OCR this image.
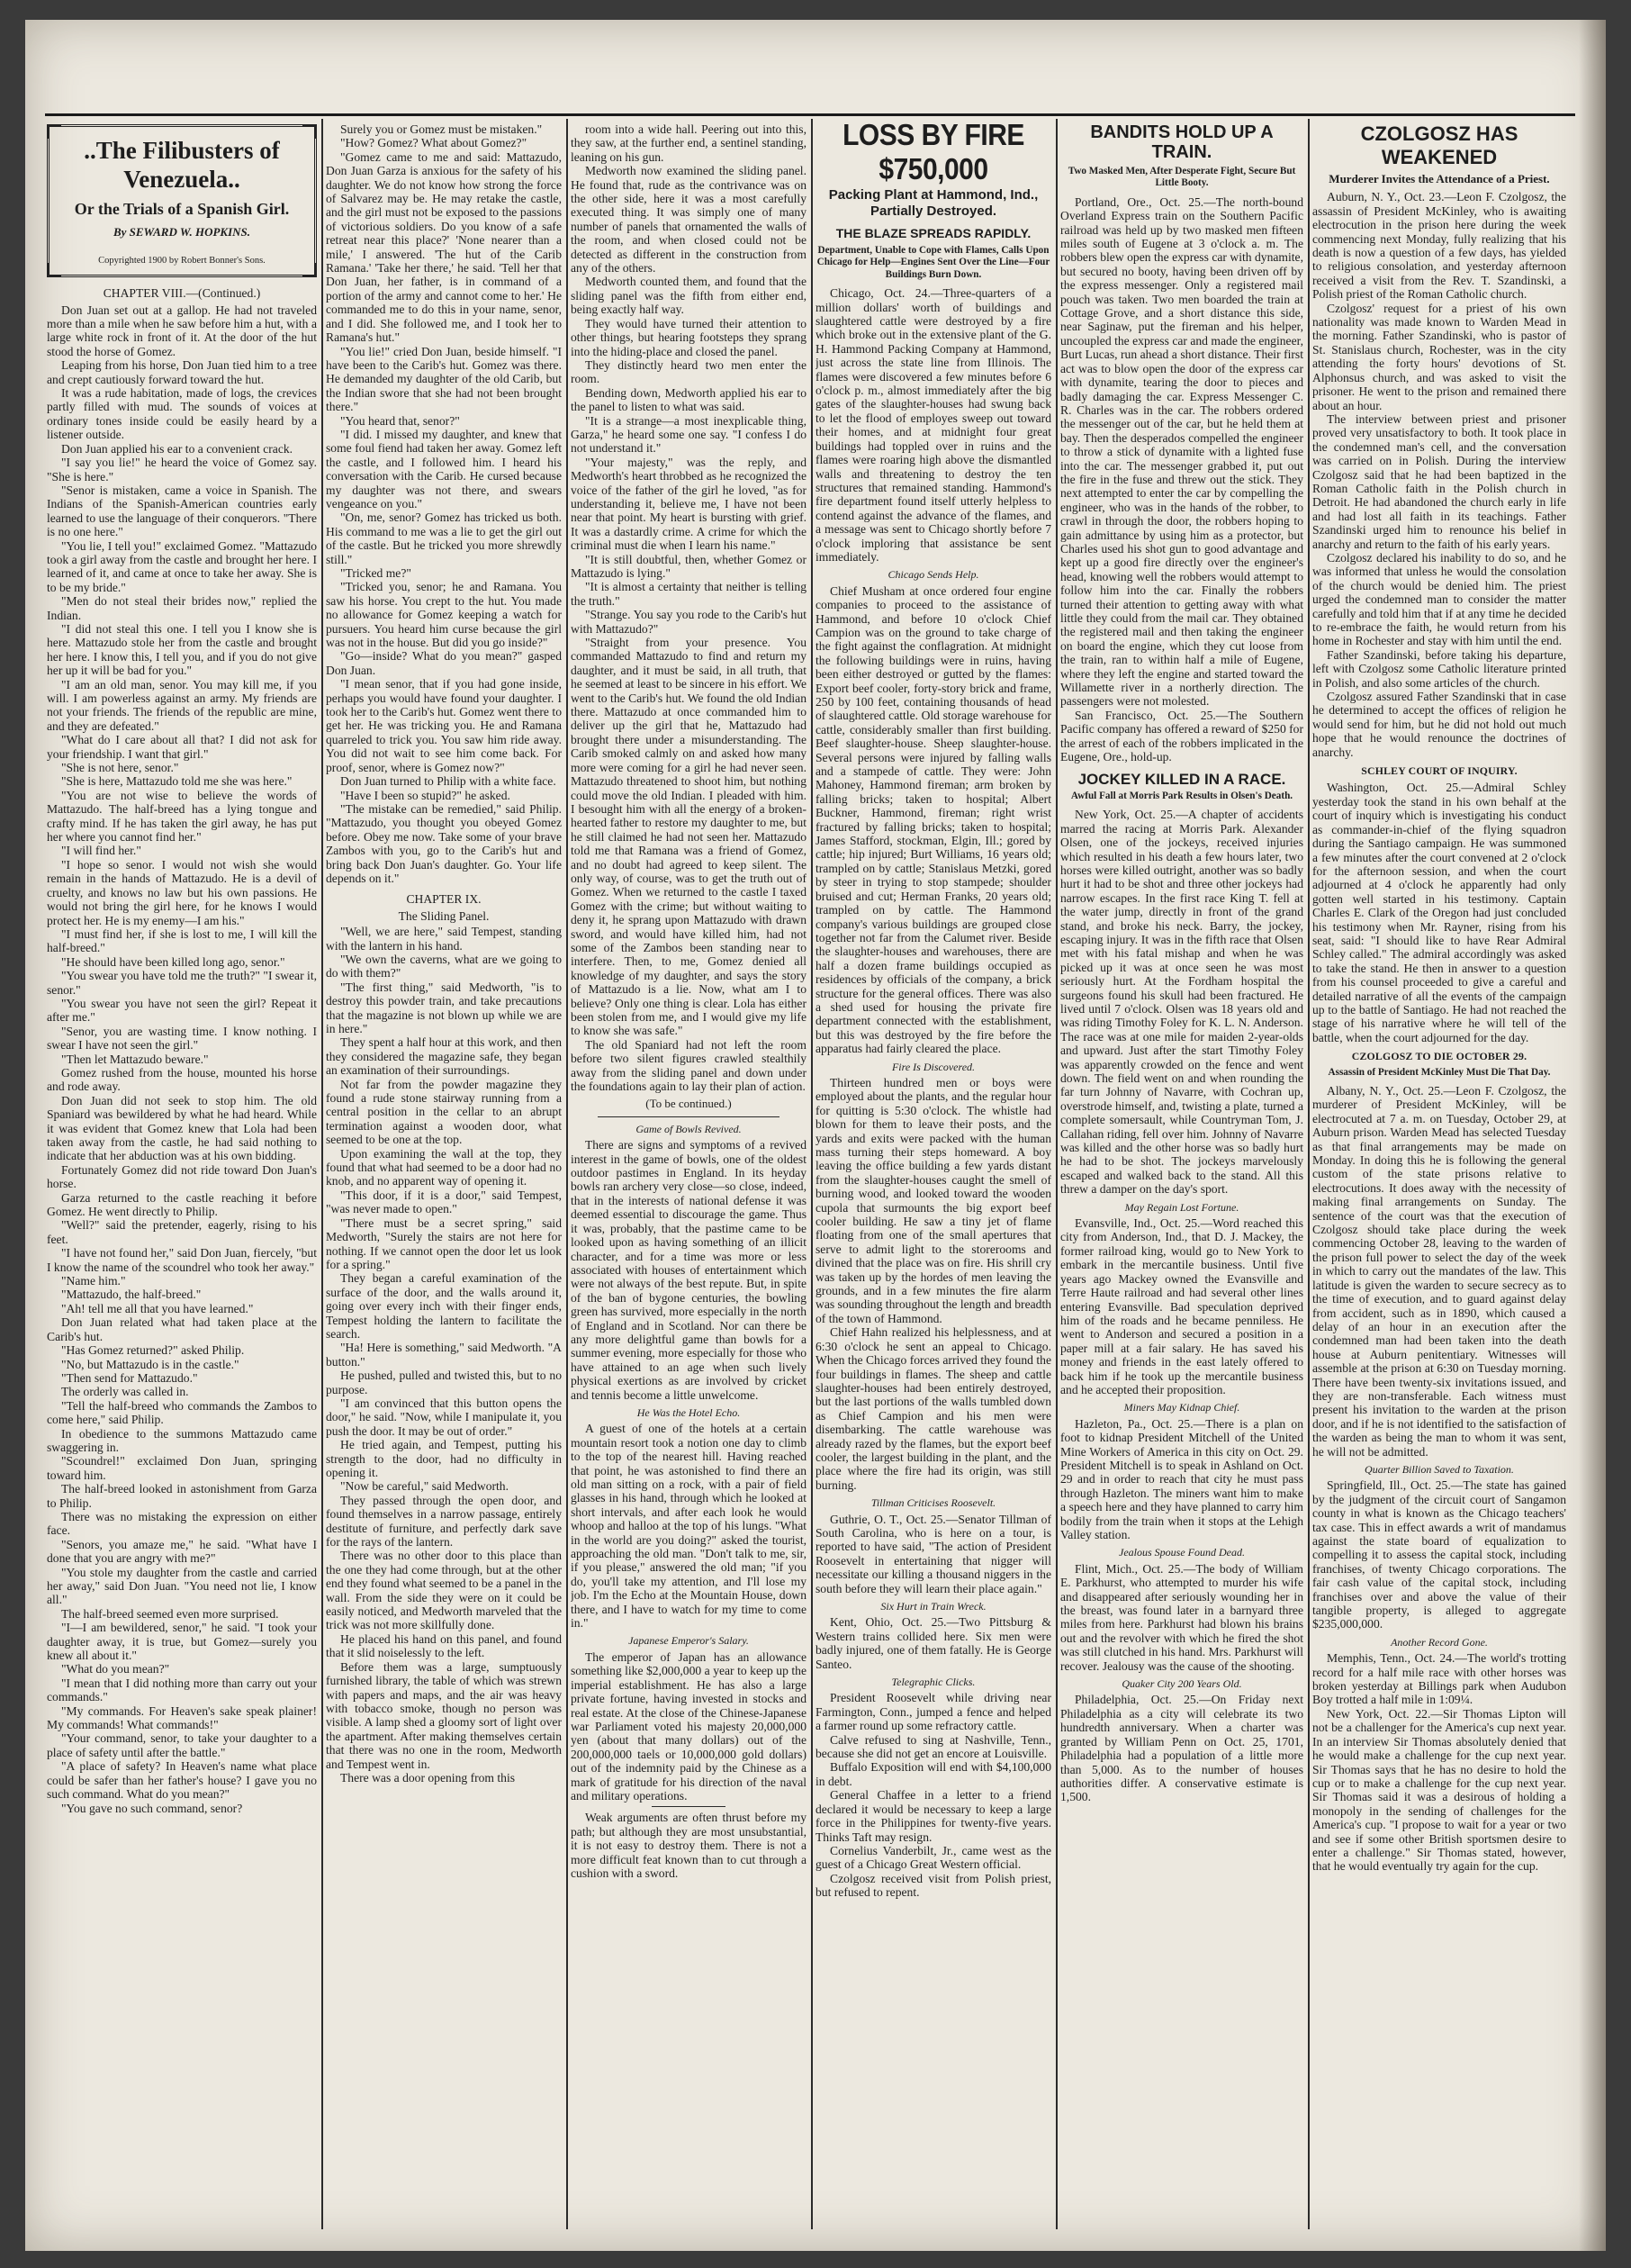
..The Filibusters of Venezuela..
Or the Trials of a Spanish Girl.
By SEWARD W. HOPKINS.
Copyrighted 1900 by Robert Bonner's Sons.
CHAPTER VIII.—(Continued.)

Don Juan set out at a gallop. He had not traveled more than a mile when he saw before him a hut, with a large white rock in front of it. At the door of the hut stood the horse of Gomez.

Leaping from his horse, Don Juan tied him to a tree and crept cautiously forward toward the hut.

It was a rude habitation, made of logs, the crevices partly filled with mud. The sounds of voices at ordinary tones inside could be easily heard by a listener outside.

Don Juan applied his ear to a convenient crack.

"I say you lie!" he heard the voice of Gomez say. "She is here."

"Senor is mistaken, came a voice in Spanish. The Indians of the Spanish-American countries early learned to use the language of their conquerors. "There is no one here."

"You lie, I tell you!" exclaimed Gomez. "Mattazudo took a girl away from the castle and brought her here. I learned of it, and came at once to take her away. She is to be my bride."

"Men do not steal their brides now," replied the Indian.

"I did not steal this one. I tell you I know she is here. Mattazudo stole her from the castle and brought her here. I know this, I tell you, and if you do not give her up it will be bad for you."

"I am an old man, senor. You may kill me, if you will. I am powerless against an army. My friends are not your friends. The friends of the republic are mine, and they are defeated."

"What do I care about all that? I did not ask for your friendship. I want that girl."

"She is not here, senor."

"She is here, Mattazudo told me she was here."

"You are not wise to believe the words of Mattazudo. The half-breed has a lying tongue and crafty mind. If he has taken the girl away, he has put her where you cannot find her."

"I will find her."

"I hope so senor. I would not wish she would remain in the hands of Mattazudo. He is a devil of cruelty, and knows no law but his own passions. He would not bring the girl here, for he knows I would protect her. He is my enemy—I am his."

"I must find her, if she is lost to me, I will kill the half-breed."

"He should have been killed long ago, senor."

"You swear you have told me the truth?" "I swear it, senor."

"You swear you have not seen the girl? Repeat it after me."

"Senor, you are wasting time. I know nothing. I swear I have not seen the girl."

"Then let Mattazudo beware."

Gomez rushed from the house, mounted his horse and rode away.

Don Juan did not seek to stop him. The old Spaniard was bewildered by what he had heard. While it was evident that Gomez knew that Lola had been taken away from the castle, he had said nothing to indicate that her abduction was at his own bidding.

Fortunately Gomez did not ride toward Don Juan's horse.

Garza returned to the castle reaching it before Gomez. He went directly to Philip.

"Well?" said the pretender, eagerly, rising to his feet.

"I have not found her," said Don Juan, fiercely, "but I know the name of the scoundrel who took her away."

"Name him."

"Mattazudo, the half-breed."

"Ah! tell me all that you have learned."

Don Juan related what had taken place at the Carib's hut.

"Has Gomez returned?" asked Philip.

"No, but Mattazudo is in the castle."

"Then send for Mattazudo."

The orderly was called in.

"Tell the half-breed who commands the Zambos to come here," said Philip.

In obedience to the summons Mattazudo came swaggering in.

"Scoundrel!" exclaimed Don Juan, springing toward him.

The half-breed looked in astonishment from Garza to Philip.

There was no mistaking the expression on either face.

"Senors, you amaze me," he said. "What have I done that you are angry with me?"

"You stole my daughter from the castle and carried her away," said Don Juan. "You need not lie, I know all."

The half-breed seemed even more surprised.

"I—I am bewildered, senor," he said. "I took your daughter away, it is true, but Gomez—surely you knew all about it."

"What do you mean?"

"I mean that I did nothing more than carry out your commands."

"My commands. For Heaven's sake speak plainer! My commands! What commands!"

"Your command, senor, to take your daughter to a place of safety until after the battle."

"A place of safety? In Heaven's name what place could be safer than her father's house? I gave you no such command. What do you mean?"

"You gave no such command, senor?

Surely you or Gomez must be mistaken."

"How? Gomez? What about Gomez?"

"Gomez came to me and said: Mattazudo, Don Juan Garza is anxious for the safety of his daughter. We do not know how strong the force of Salvarez may be. He may retake the castle, and the girl must not be exposed to the passions of victorious soldiers. Do you know of a safe retreat near this place?' 'None nearer than a mile,' I answered. 'The hut of the Carib Ramana.' 'Take her there,' he said. 'Tell her that Don Juan, her father, is in command of a portion of the army and cannot come to her.' He commanded me to do this in your name, senor, and I did. She followed me, and I took her to Ramana's hut."

"You lie!" cried Don Juan, beside himself. "I have been to the Carib's hut. Gomez was there. He demanded my daughter of the old Carib, but the Indian swore that she had not been brought there."

"You heard that, senor?"

"I did. I missed my daughter, and knew that some foul fiend had taken her away. Gomez left the castle, and I followed him. I heard his conversation with the Carib. He cursed because my daughter was not there, and swears vengeance on you."

"On, me, senor? Gomez has tricked us both. His command to me was a lie to get the girl out of the castle. But he tricked you more shrewdly still."

"Tricked me?"

"Tricked you, senor; he and Ramana. You saw his horse. You crept to the hut. You made no allowance for Gomez keeping a watch for pursuers. You heard him curse because the girl was not in the house. But did you go inside?"

"Go—inside? What do you mean?" gasped Don Juan.

"I mean senor, that if you had gone inside, perhaps you would have found your daughter. I took her to the Carib's hut. Gomez went there to get her. He was tricking you. He and Ramana quarreled to trick you. You saw him ride away. You did not wait to see him come back. For proof, senor, where is Gomez now?"

Don Juan turned to Philip with a white face.

"Have I been so stupid?" he asked.

"The mistake can be remedied," said Philip. "Mattazudo, you thought you obeyed Gomez before. Obey me now. Take some of your brave Zambos with you, go to the Carib's hut and bring back Don Juan's daughter. Go. Your life depends on it."

CHAPTER IX.
The Sliding Panel.

"Well, we are here," said Tempest, standing with the lantern in his hand.

"We own the caverns, what are we going to do with them?"

"The first thing," said Medworth, "is to destroy this powder train, and take precautions that the magazine is not blown up while we are in here."

They spent a half hour at this work, and then they considered the magazine safe, they began an examination of their surroundings.

Not far from the powder magazine they found a rude stone stairway running from a central position in the cellar to an abrupt termination against a wooden door, what seemed to be one at the top.

Upon examining the wall at the top, they found that what had seemed to be a door had no knob, and no apparent way of opening it.

"This door, if it is a door," said Tempest, "was never made to open."

"There must be a secret spring," said Medworth, "Surely the stairs are not here for nothing. If we cannot open the door let us look for a spring."

They began a careful examination of the surface of the door, and the walls around it, going over every inch with their finger ends, Tempest holding the lantern to facilitate the search.

"Ha! Here is something," said Medworth. "A button."

He pushed, pulled and twisted this, but to no purpose.

"I am convinced that this button opens the door," he said. "Now, while I manipulate it, you push the door. It may be out of order."

He tried again, and Tempest, putting his strength to the door, had no difficulty in opening it.

"Now be careful," said Medworth.

They passed through the open door, and found themselves in a narrow passage, entirely destitute of furniture, and perfectly dark save for the rays of the lantern.

There was no other door to this place than the one they had come through, but at the other end they found what seemed to be a panel in the wall. From the side they were on it could be easily noticed, and Medworth marveled that the trick was not more skillfully done.

He placed his hand on this panel, and found that it slid noiselessly to the left.

Before them was a large, sumptuously furnished library, the table of which was strewn with papers and maps, and the air was heavy with tobacco smoke, though no person was visible. A lamp shed a gloomy sort of light over the apartment. After making themselves certain that there was no one in the room, Medworth and Tempest went in.

There was a door opening from this

room into a wide hall. Peering out into this, they saw, at the further end, a sentinel standing, leaning on his gun.

Medworth now examined the sliding panel. He found that, rude as the contrivance was on the other side, here it was a most carefully executed thing. It was simply one of many number of panels that ornamented the walls of the room, and when closed could not be detected as different in the construction from any of the others.

Medworth counted them, and found that the sliding panel was the fifth from either end, being exactly half way.

They would have turned their attention to other things, but hearing footsteps they sprang into the hiding-place and closed the panel.

They distinctly heard two men enter the room.

Bending down, Medworth applied his ear to the panel to listen to what was said.

"It is a strange—a most inexplicable thing, Garza," he heard some one say. "I confess I do not understand it."

"Your majesty," was the reply, and Medworth's heart throbbed as he recognized the voice of the father of the girl he loved, "as for understanding it, believe me, I have not been near that point. My heart is bursting with grief. It was a dastardly crime. A crime for which the criminal must die when I learn his name."

"It is still doubtful, then, whether Gomez or Mattazudo is lying."

"It is almost a certainty that neither is telling the truth."

"Strange. You say you rode to the Carib's hut with Mattazudo?"

"Straight from your presence. You commanded Mattazudo to find and return my daughter, and it must be said, in all truth, that he seemed at least to be sincere in his effort. We went to the Carib's hut. We found the old Indian there. Mattazudo at once commanded him to deliver up the girl that he, Mattazudo had brought there under a misunderstanding. The Carib smoked calmly on and asked how many more were coming for a girl he had never seen. Mattazudo threatened to shoot him, but nothing could move the old Indian. I pleaded with him. I besought him with all the energy of a broken-hearted father to restore my daughter to me, but he still claimed he had not seen her. Mattazudo told me that Ramana was a friend of Gomez, and no doubt had agreed to keep silent. The only way, of course, was to get the truth out of Gomez. When we returned to the castle I taxed Gomez with the crime; but without waiting to deny it, he sprang upon Mattazudo with drawn sword, and would have killed him, had not some of the Zambos been standing near to interfere. Then, to me, Gomez denied all knowledge of my daughter, and says the story of Mattazudo is a lie. Now, what am I to believe? Only one thing is clear. Lola has either been stolen from me, and I would give my life to know she was safe."

The old Spaniard had not left the room before two silent figures crawled stealthily away from the sliding panel and down under the foundations again to lay their plan of action.

(To be continued.)
Game of Bowls Revived.

There are signs and symptoms of a revived interest in the game of bowls, one of the oldest outdoor pastimes in England. In its heyday bowls ran archery very close—so close, indeed, that in the interests of national defense it was deemed essential to discourage the game. Thus it was, probably, that the pastime came to be looked upon as having something of an illicit character, and for a time was more or less associated with houses of entertainment which were not always of the best repute. But, in spite of the ban of bygone centuries, the bowling green has survived, more especially in the north of England and in Scotland. Nor can there be any more delightful game than bowls for a summer evening, more especially for those who have attained to an age when such lively physical exertions as are involved by cricket and tennis become a little unwelcome.

He Was the Hotel Echo.

A guest of one of the hotels at a certain mountain resort took a notion one day to climb to the top of the nearest hill. Having reached that point, he was astonished to find there an old man sitting on a rock, with a pair of field glasses in his hand, through which he looked at short intervals, and after each look he would whoop and halloo at the top of his lungs. "What in the world are you doing?" asked the tourist, approaching the old man. "Don't talk to me, sir, if you please," answered the old man; "if you do, you'll take my attention, and I'll lose my job. I'm the Echo at the Mountain House, down there, and I have to watch for my time to come in."

Japanese Emperor's Salary.

The emperor of Japan has an allowance something like $2,000,000 a year to keep up the imperial establishment. He has also a large private fortune, having invested in stocks and real estate. At the close of the Chinese-Japanese war Parliament voted his majesty 20,000,000 yen (about that many dollars) out of the 200,000,000 taels or 10,000,000 gold dollars) out of the indemnity paid by the Chinese as a mark of gratitude for his direction of the naval and military operations.

Weak arguments are often thrust before my path; but although they are most unsubstantial, it is not easy to destroy them. There is not a more difficult feat known than to cut through a cushion with a sword.

LOSS BY FIRE $750,000
Packing Plant at Hammond, Ind., Partially Destroyed.
THE BLAZE SPREADS RAPIDLY.
Department, Unable to Cope with Flames, Calls Upon Chicago for Help—Engines Sent Over the Line—Four Buildings Burn Down.

Chicago, Oct. 24.—Three-quarters of a million dollars' worth of buildings and slaughtered cattle were destroyed by a fire which broke out in the extensive plant of the G. H. Hammond Packing Company at Hammond, just across the state line from Illinois. The flames were discovered a few minutes before 6 o'clock p. m., almost immediately after the big gates of the slaughter-houses had swung back to let the flood of employes sweep out toward their homes, and at midnight four great buildings had toppled over in ruins and the flames were roaring high above the dismantled walls and threatening to destroy the ten structures that remained standing. Hammond's fire department found itself utterly helpless to contend against the advance of the flames, and a message was sent to Chicago shortly before 7 o'clock imploring that assistance be sent immediately.

Chicago Sends Help.

Chief Musham at once ordered four engine companies to proceed to the assistance of Hammond, and before 10 o'clock Chief Campion was on the ground to take charge of the fight against the conflagration. At midnight the following buildings were in ruins, having been either destroyed or gutted by the flames: Export beef cooler, forty-story brick and frame, 250 by 100 feet, containing thousands of head of slaughtered cattle. Old storage warehouse for cattle, considerably smaller than first building. Beef slaughter-house. Sheep slaughter-house. Several persons were injured by falling walls and a stampede of cattle. They were: John Mahoney, Hammond fireman; arm broken by falling bricks; taken to hospital; Albert Buckner, Hammond, fireman; right wrist fractured by falling bricks; taken to hospital; James Stafford, stockman, Elgin, Ill.; gored by cattle; hip injured; Burt Williams, 16 years old; trampled on by cattle; Stanislaus Metzki, gored by steer in trying to stop stampede; shoulder bruised and cut; Herman Franks, 20 years old; trampled on by cattle. The Hammond company's various buildings are grouped close together not far from the Calumet river. Beside the slaughter-houses and warehouses, there are half a dozen frame buildings occupied as residences by officials of the company, a brick structure for the general offices. There was also a shed used for housing the private fire department connected with the establishment, but this was destroyed by the fire before the apparatus had fairly cleared the place.

Fire Is Discovered.

Thirteen hundred men or boys were employed about the plants, and the regular hour for quitting is 5:30 o'clock. The whistle had blown for them to leave their posts, and the yards and exits were packed with the human mass turning their steps homeward. A boy leaving the office building a few yards distant from the slaughter-houses caught the smell of burning wood, and looked toward the wooden cupola that surmounts the big export beef cooler building. He saw a tiny jet of flame floating from one of the small apertures that serve to admit light to the storerooms and divined that the place was on fire. His shrill cry was taken up by the hordes of men leaving the grounds, and in a few minutes the fire alarm was sounding throughout the length and breadth of the town of Hammond.

Chief Hahn realized his helplessness, and at 6:30 o'clock he sent an appeal to Chicago. When the Chicago forces arrived they found the four buildings in flames. The sheep and cattle slaughter-houses had been entirely destroyed, but the last portions of the walls tumbled down as Chief Campion and his men were disembarking. The cattle warehouse was already razed by the flames, but the export beef cooler, the largest building in the plant, and the place where the fire had its origin, was still burning.

Tillman Criticises Roosevelt.

Guthrie, O. T., Oct. 25.—Senator Tillman of South Carolina, who is here on a tour, is reported to have said, "The action of President Roosevelt in entertaining that nigger will necessitate our killing a thousand niggers in the south before they will learn their place again."

Six Hurt in Train Wreck.

Kent, Ohio, Oct. 25.—Two Pittsburg & Western trains collided here. Six men were badly injured, one of them fatally. He is George Santeo.

Telegraphic Clicks.

President Roosevelt while driving near Farmington, Conn., jumped a fence and helped a farmer round up some refractory cattle.

Calve refused to sing at Nashville, Tenn., because she did not get an encore at Louisville.

Buffalo Exposition will end with $4,100,000 in debt.

General Chaffee in a letter to a friend declared it would be necessary to keep a large force in the Philippines for twenty-five years. Thinks Taft may resign.

Cornelius Vanderbilt, Jr., came west as the guest of a Chicago Great Western official.

Czolgosz received visit from Polish priest, but refused to repent.

BANDITS HOLD UP A TRAIN.
Two Masked Men, After Desperate Fight, Secure But Little Booty.

Portland, Ore., Oct. 25.—The north-bound Overland Express train on the Southern Pacific railroad was held up by two masked men fifteen miles south of Eugene at 3 o'clock a. m. The robbers blew open the express car with dynamite, but secured no booty, having been driven off by the express messenger. Only a registered mail pouch was taken. Two men boarded the train at Cottage Grove, and a short distance this side, near Saginaw, put the fireman and his helper, uncoupled the express car and made the engineer, Burt Lucas, run ahead a short distance. Their first act was to blow open the door of the express car with dynamite, tearing the door to pieces and badly damaging the car. Express Messenger C. R. Charles was in the car. The robbers ordered the messenger out of the car, but he held them at bay. Then the desperados compelled the engineer to throw a stick of dynamite with a lighted fuse into the car. The messenger grabbed it, put out the fire in the fuse and threw out the stick. They next attempted to enter the car by compelling the engineer, who was in the hands of the robber, to crawl in through the door, the robbers hoping to gain admittance by using him as a protector, but Charles used his shot gun to good advantage and kept up a good fire directly over the engineer's head, knowing well the robbers would attempt to follow him into the car. Finally the robbers turned their attention to getting away with what little they could from the mail car. They obtained the registered mail and then taking the engineer on board the engine, which they cut loose from the train, ran to within half a mile of Eugene, where they left the engine and started toward the Willamette river in a northerly direction. The passengers were not molested.

San Francisco, Oct. 25.—The Southern Pacific company has offered a reward of $250 for the arrest of each of the robbers implicated in the Eugene, Ore., hold-up.

JOCKEY KILLED IN A RACE.
Awful Fall at Morris Park Results in Olsen's Death.

New York, Oct. 25.—A chapter of accidents marred the racing at Morris Park. Alexander Olsen, one of the jockeys, received injuries which resulted in his death a few hours later, two horses were killed outright, another was so badly hurt it had to be shot and three other jockeys had narrow escapes. In the first race King T. fell at the water jump, directly in front of the grand stand, and broke his neck. Barry, the jockey, escaping injury. It was in the fifth race that Olsen met with his fatal mishap and when he was picked up it was at once seen he was most seriously hurt. At the Fordham hospital the surgeons found his skull had been fractured. He lived until 7 o'clock. Olsen was 18 years old and was riding Timothy Foley for K. L. N. Anderson. The race was at one mile for maiden 2-year-olds and upward. Just after the start Timothy Foley was apparently crowded on the fence and went down. The field went on and when rounding the far turn Johnny of Navarre, with Cochran up, overstrode himself, and, twisting a plate, turned a complete somersault, while Countryman Tom, J. Callahan riding, fell over him. Johnny of Navarre was killed and the other horse was so badly hurt he had to be shot. The jockeys marvelously escaped and walked back to the stand. All this threw a damper on the day's sport.

May Regain Lost Fortune.

Evansville, Ind., Oct. 25.—Word reached this city from Anderson, Ind., that D. J. Mackey, the former railroad king, would go to New York to embark in the mercantile business. Until five years ago Mackey owned the Evansville and Terre Haute railroad and had several other lines entering Evansville. Bad speculation deprived him of the roads and he became penniless. He went to Anderson and secured a position in a paper mill at a fair salary. He has saved his money and friends in the east lately offered to back him if he took up the mercantile business and he accepted their proposition.

Miners May Kidnap Chief.

Hazleton, Pa., Oct. 25.—There is a plan on foot to kidnap President Mitchell of the United Mine Workers of America in this city on Oct. 29. President Mitchell is to speak in Ashland on Oct. 29 and in order to reach that city he must pass through Hazleton. The miners want him to make a speech here and they have planned to carry him bodily from the train when it stops at the Lehigh Valley station.

Jealous Spouse Found Dead.

Flint, Mich., Oct. 25.—The body of William E. Parkhurst, who attempted to murder his wife and disappeared after seriously wounding her in the breast, was found later in a barnyard three miles from here. Parkhurst had blown his brains out and the revolver with which he fired the shot was still clutched in his hand. Mrs. Parkhurst will recover. Jealousy was the cause of the shooting.

Quaker City 200 Years Old.

Philadelphia, Oct. 25.—On Friday next Philadelphia as a city will celebrate its two hundredth anniversary. When a charter was granted by William Penn on Oct. 25, 1701, Philadelphia had a population of a little more than 5,000. As to the number of houses authorities differ. A conservative estimate is 1,500.

CZOLGOSZ HAS WEAKENED
Murderer Invites the Attendance of a Priest.

Auburn, N. Y., Oct. 23.—Leon F. Czolgosz, the assassin of President McKinley, who is awaiting electrocution in the prison here during the week commencing next Monday, fully realizing that his death is now a question of a few days, has yielded to religious consolation, and yesterday afternoon received a visit from the Rev. T. Szandinski, a Polish priest of the Roman Catholic church.

Czolgosz' request for a priest of his own nationality was made known to Warden Mead in the morning. Father Szandinski, who is pastor of St. Stanislaus church, Rochester, was in the city attending the forty hours' devotions of St. Alphonsus church, and was asked to visit the prisoner. He went to the prison and remained there about an hour.

The interview between priest and prisoner proved very unsatisfactory to both. It took place in the condemned man's cell, and the conversation was carried on in Polish. During the interview Czolgosz said that he had been baptized in the Roman Catholic faith in the Polish church in Detroit. He had abandoned the church early in life and had lost all faith in its teachings. Father Szandinski urged him to renounce his belief in anarchy and return to the faith of his early years.

Czolgosz declared his inability to do so, and he was informed that unless he would the consolation of the church would be denied him. The priest urged the condemned man to consider the matter carefully and told him that if at any time he decided to re-embrace the faith, he would return from his home in Rochester and stay with him until the end.

Father Szandinski, before taking his departure, left with Czolgosz some Catholic literature printed in Polish, and also some articles of the church.

Czolgosz assured Father Szandinski that in case he determined to accept the offices of religion he would send for him, but he did not hold out much hope that he would renounce the doctrines of anarchy.

SCHLEY COURT OF INQUIRY.

Washington, Oct. 25.—Admiral Schley yesterday took the stand in his own behalf at the court of inquiry which is investigating his conduct as commander-in-chief of the flying squadron during the Santiago campaign. He was summoned a few minutes after the court convened at 2 o'clock for the afternoon session, and when the court adjourned at 4 o'clock he apparently had only gotten well started in his testimony. Captain Charles E. Clark of the Oregon had just concluded his testimony when Mr. Rayner, rising from his seat, said: "I should like to have Rear Admiral Schley called." The admiral accordingly was asked to take the stand. He then in answer to a question from his counsel proceeded to give a careful and detailed narrative of all the events of the campaign up to the battle of Santiago. He had not reached the stage of his narrative where he will tell of the battle, when the court adjourned for the day.

CZOLGOSZ TO DIE OCTOBER 29.
Assassin of President McKinley Must Die That Day.

Albany, N. Y., Oct. 25.—Leon F. Czolgosz, the murderer of President McKinley, will be electrocuted at 7 a. m. on Tuesday, October 29, at Auburn prison. Warden Mead has selected Tuesday as that final arrangements may be made on Monday. In doing this he is following the general custom of the state prisons relative to electrocutions. It does away with the necessity of making final arrangements on Sunday. The sentence of the court was that the execution of Czolgosz should take place during the week commencing October 28, leaving to the warden of the prison full power to select the day of the week in which to carry out the mandates of the law. This latitude is given the warden to secure secrecy as to the time of execution, and to guard against delay from accident, such as in 1890, which caused a delay of an hour in an execution after the condemned man had been taken into the death house at Auburn penitentiary. Witnesses will assemble at the prison at 6:30 on Tuesday morning. There have been twenty-six invitations issued, and they are non-transferable. Each witness must present his invitation to the warden at the prison door, and if he is not identified to the satisfaction of the warden as being the man to whom it was sent, he will not be admitted.

Quarter Billion Saved to Taxation.

Springfield, Ill., Oct. 25.—The state has gained by the judgment of the circuit court of Sangamon county in what is known as the Chicago teachers' tax case. This in effect awards a writ of mandamus against the state board of equalization to compelling it to assess the capital stock, including franchises, of twenty Chicago corporations. The fair cash value of the capital stock, including franchises over and above the value of their tangible property, is alleged to aggregate $235,000,000.

Another Record Gone.

Memphis, Tenn., Oct. 24.—The world's trotting record for a half mile race with other horses was broken yesterday at Billings park when Audubon Boy trotted a half mile in 1:09¼.

New York, Oct. 22.—Sir Thomas Lipton will not be a challenger for the America's cup next year. In an interview Sir Thomas absolutely denied that he would make a challenge for the cup next year. Sir Thomas says that he has no desire to hold the cup or to make a challenge for the cup next year. Sir Thomas said it was a desirous of holding a monopoly in the sending of challenges for the America's cup. "I propose to wait for a year or two and see if some other British sportsmen desire to enter a challenge." Sir Thomas stated, however, that he would eventually try again for the cup.
